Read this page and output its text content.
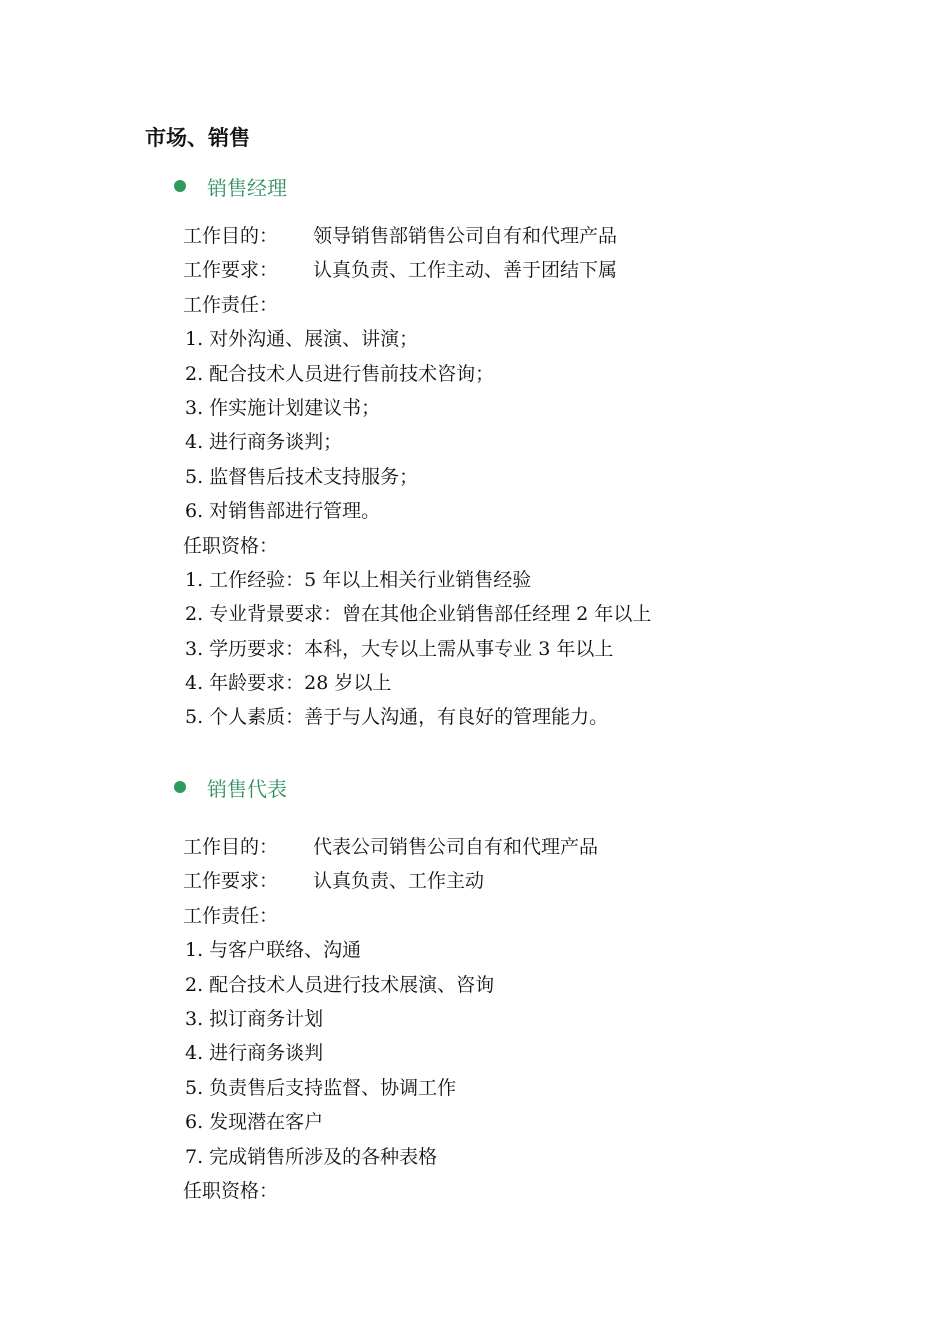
市场、销售
销售经理
工作目的： 领导销售部销售公司自有和代理产品
工作要求： 认真负责、工作主动、善于团结下属
工作责任：
1. 对外沟通、展演、讲演；
2. 配合技术人员进行售前技术咨询；
3. 作实施计划建议书；
4. 进行商务谈判；
5. 监督售后技术支持服务；
6. 对销售部进行管理。
任职资格：
1. 工作经验：5 年以上相关行业销售经验
2. 专业背景要求：曾在其他企业销售部任经理 2 年以上
3. 学历要求：本科，大专以上需从事专业 3 年以上
4. 年龄要求：28 岁以上
5. 个人素质：善于与人沟通，有良好的管理能力。
销售代表
工作目的： 代表公司销售公司自有和代理产品
工作要求： 认真负责、工作主动
工作责任：
1. 与客户联络、沟通
2. 配合技术人员进行技术展演、咨询
3. 拟订商务计划
4. 进行商务谈判
5. 负责售后支持监督、协调工作
6. 发现潜在客户
7. 完成销售所涉及的各种表格
任职资格：
